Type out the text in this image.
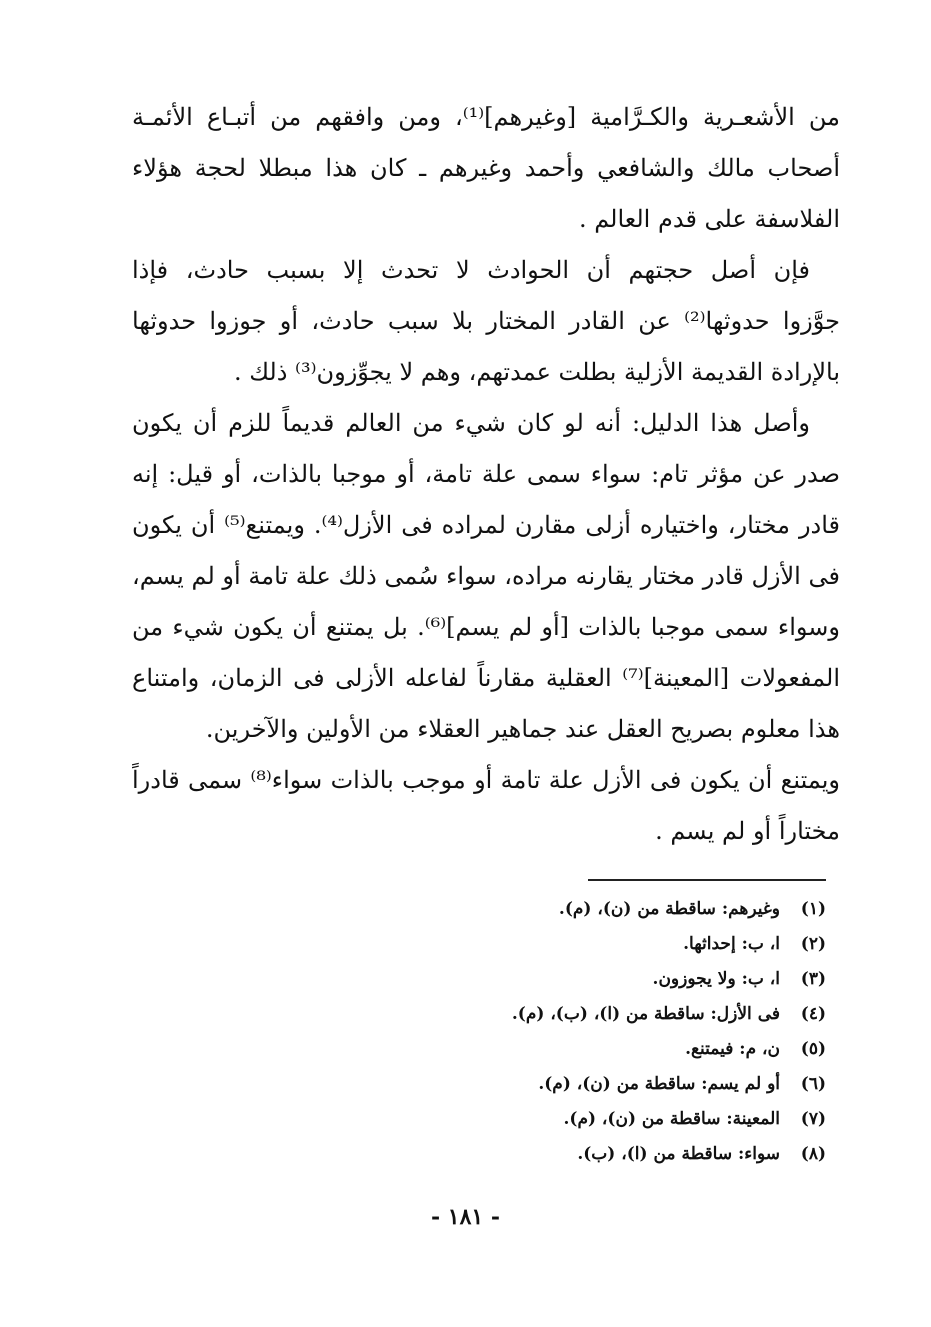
من الأشعـرية والكـرَّامية [وغيرهم]⁽¹⁾، ومن وافقهم من أتبـاع الأئمـة
أصحاب مالك والشافعي وأحمد وغيرهم ـ كان هذا مبطلا لحجة هؤلاء
الفلاسفة على قدم العالم .
فإن أصل حجتهم أن الحوادث لا تحدث إلا بسبب حادث، فإذا
جوَّزوا حدوثها⁽²⁾ عن القادر المختار بلا سبب حادث، أو جوزوا حدوثها
بالإرادة القديمة الأزلية بطلت عمدتهم، وهم لا يجوِّزون⁽³⁾ ذلك .
وأصل هذا الدليل: أنه لو كان شيء من العالم قديماً للزم أن يكون
صدر عن مؤثر تام: سواء سمى علة تامة، أو موجبا بالذات، أو قيل: إنه
قادر مختار، واختياره أزلى مقارن لمراده فى الأزل⁽⁴⁾. ويمتنع⁽⁵⁾ أن يكون
فى الأزل قادر مختار يقارنه مراده، سواء سُمى ذلك علة تامة أو لم يسم،
وسواء سمى موجبا بالذات [أو لم يسم]⁽⁶⁾. بل يمتنع أن يكون شيء من
المفعولات [المعينة]⁽⁷⁾ العقلية مقارناً لفاعله الأزلى فى الزمان، وامتناع
هذا معلوم بصريح العقل عند جماهير العقلاء من الأولين والآخرين.
ويمتنع أن يكون فى الأزل علة تامة أو موجب بالذات سواء⁽⁸⁾ سمى قادراً
مختاراً أو لم يسم .
(١)وغيرهم: ساقطة من (ن)، (م).
(٢)ا، ب: إحداثها.
(٣)ا، ب: ولا يجوزون.
(٤)فى الأزل: ساقطة من (ا)، (ب)، (م).
(٥)ن، م: فيمتنع.
(٦)أو لم يسم: ساقطة من (ن)، (م).
(٧)المعينة: ساقطة من (ن)، (م).
(٨)سواء: ساقطة من (ا)، (ب).
- ١٨١ -
